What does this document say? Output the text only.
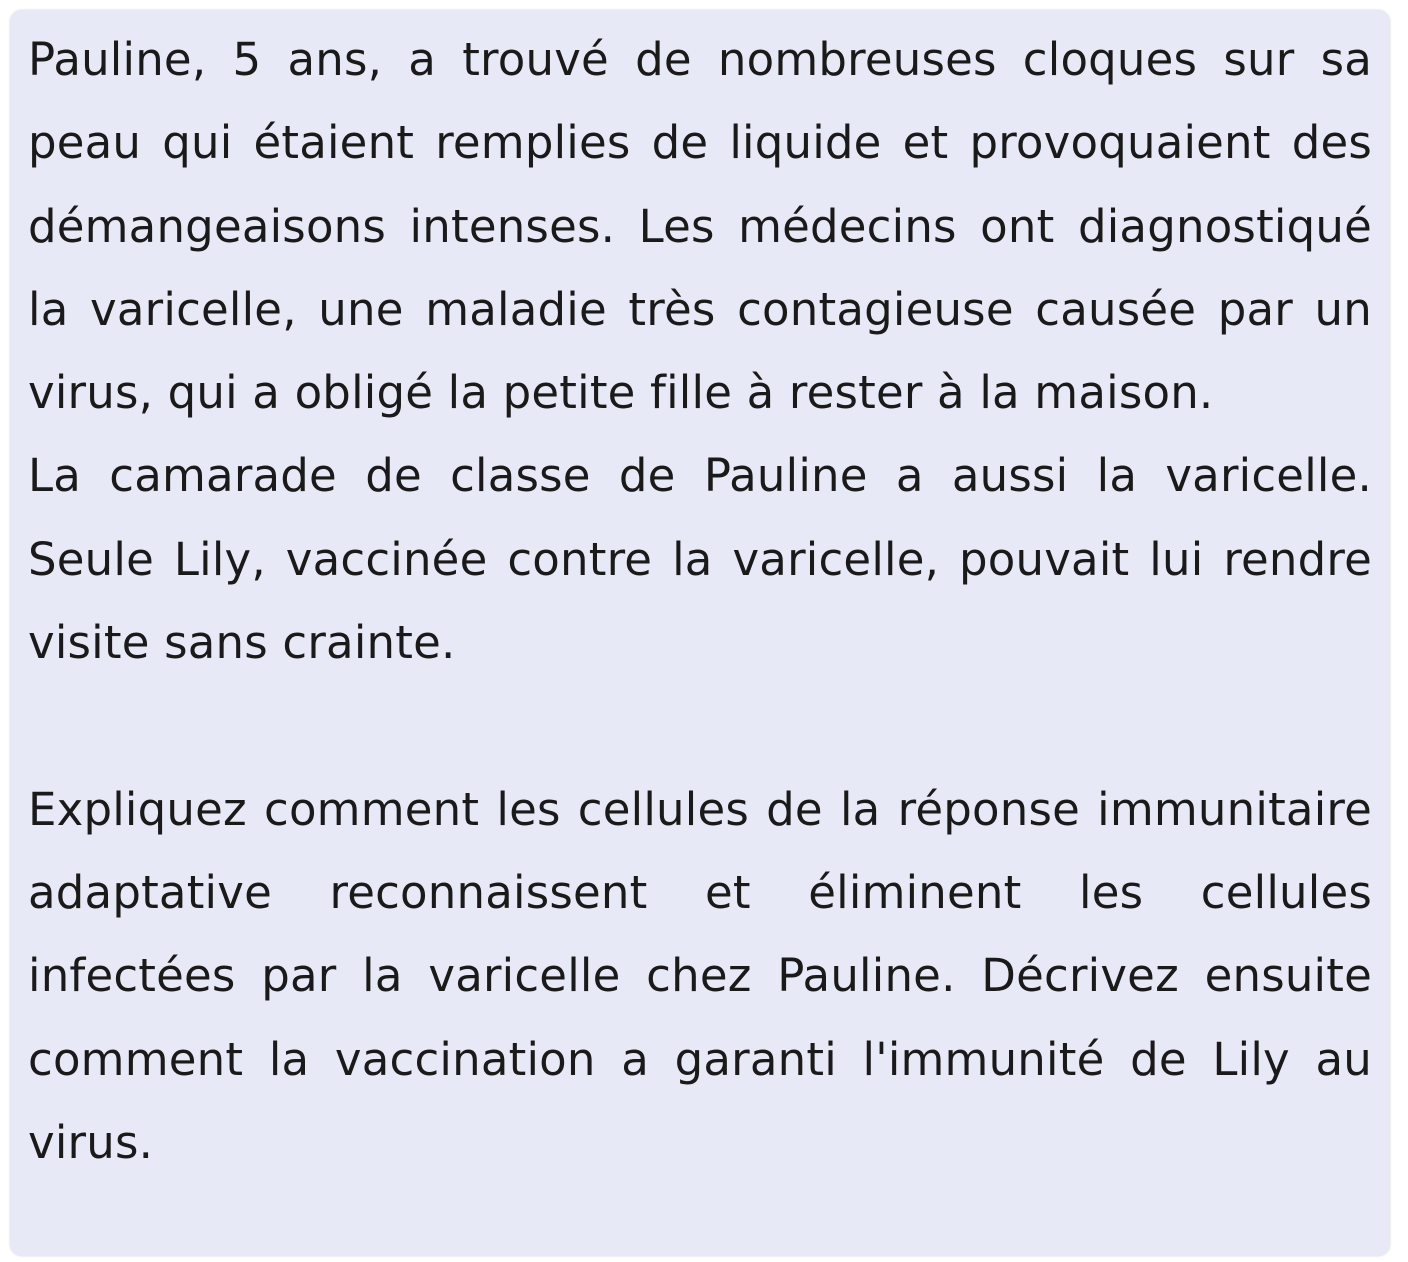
Pauline, 5 ans, a trouvé de nombreuses cloques sur sa peau qui étaient remplies de liquide et provoquaient des démangeaisons intenses. Les médecins ont diagnostiqué la varicelle, une maladie très contagieuse causée par un virus, qui a obligé la petite fille à rester à la maison.

La camarade de classe de Pauline a aussi la varicelle. Seule Lily, vaccinée contre la varicelle, pouvait lui rendre visite sans crainte.

Expliquez comment les cellules de la réponse immunitaire adaptative reconnaissent et éliminent les cellules infectées par la varicelle chez Pauline. Décrivez ensuite comment la vaccination a garanti l'immunité de Lily au virus.
